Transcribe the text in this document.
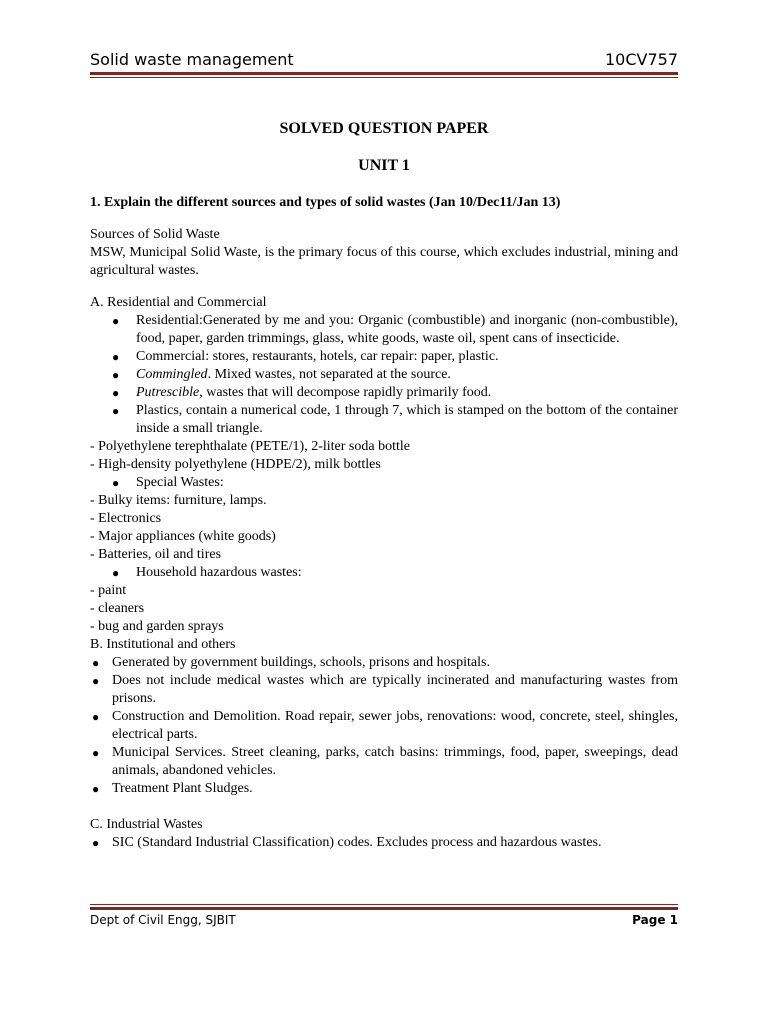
Solid waste management	10CV757

SOLVED QUESTION PAPER

UNIT 1

1. Explain the different sources and types of solid wastes (Jan 10/Dec11/Jan 13)

Sources of Solid Waste

MSW, Municipal Solid Waste, is the primary focus of this course, which excludes industrial, mining and agricultural wastes.

A. Residential and Commercial

● Residential:Generated by me and you: Organic (combustible) and inorganic (non-combustible), food, paper, garden trimmings, glass, white goods, waste oil, spent cans of insecticide.
● Commercial: stores, restaurants, hotels, car repair: paper, plastic.
● Commingled. Mixed wastes, not separated at the source.
● Putrescible, wastes that will decompose rapidly primarily food.
● Plastics, contain a numerical code, 1 through 7, which is stamped on the bottom of the container inside a small triangle.

- Polyethylene terephthalate (PETE/1), 2-liter soda bottle

- High-density polyethylene (HDPE/2), milk bottles

● Special Wastes:

- Bulky items: furniture, lamps.

- Electronics

- Major appliances (white goods)

- Batteries, oil and tires

● Household hazardous wastes:

- paint

- cleaners

- bug and garden sprays

B. Institutional and others

● Generated by government buildings, schools, prisons and hospitals.
● Does not include medical wastes which are typically incinerated and manufacturing wastes from prisons.
● Construction and Demolition. Road repair, sewer jobs, renovations: wood, concrete, steel, shingles, electrical parts.
● Municipal Services. Street cleaning, parks, catch basins: trimmings, food, paper, sweepings, dead animals, abandoned vehicles.
● Treatment Plant Sludges.

C. Industrial Wastes

● SIC (Standard Industrial Classification) codes. Excludes process and hazardous wastes.
Dept of Civil Engg, SJBIT	Page 1
